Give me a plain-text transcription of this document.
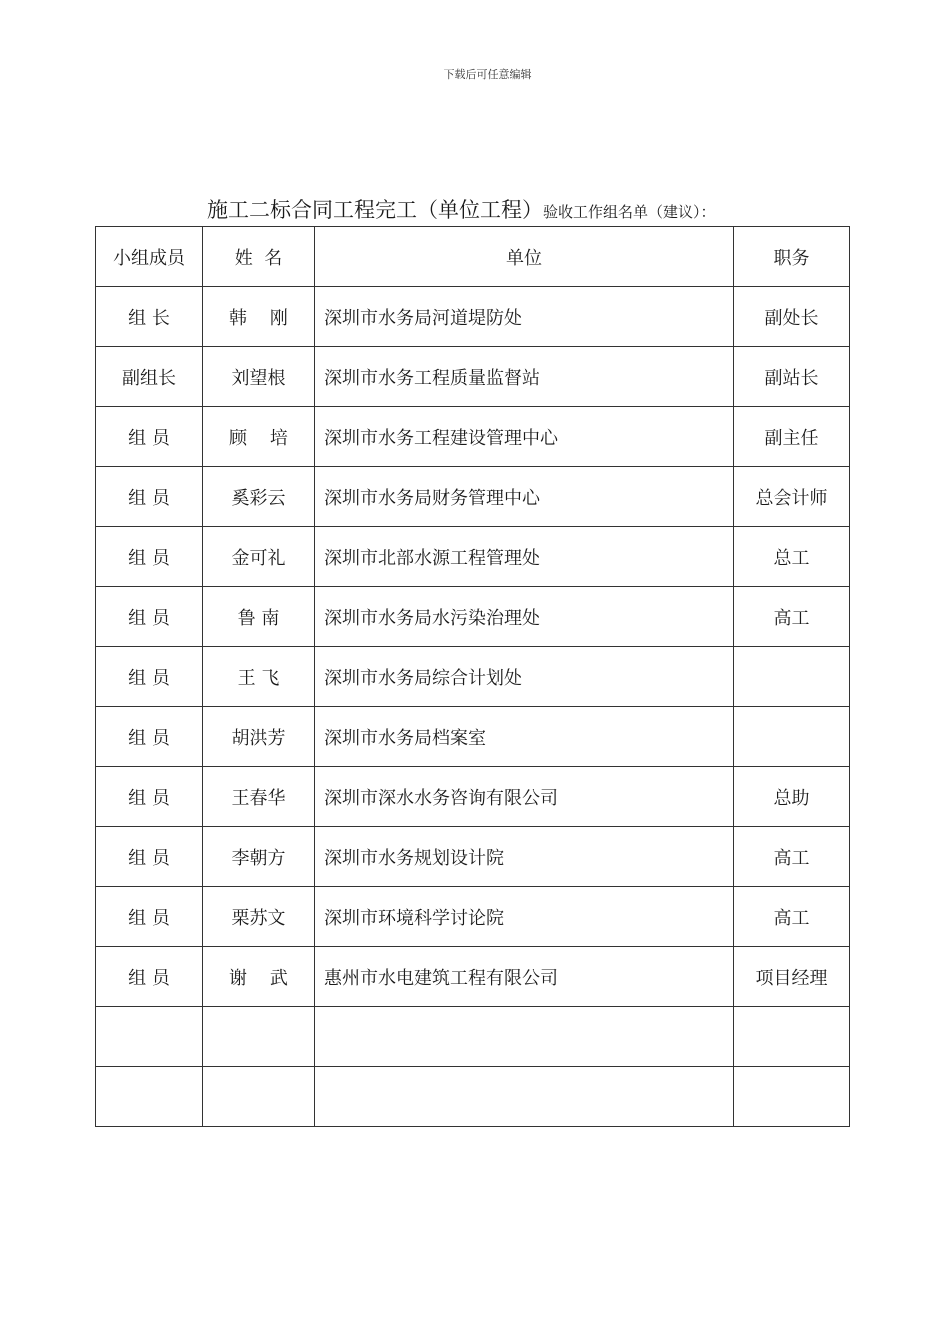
下载后可任意编辑
施工二标合同工程完工（单位工程）验收工作组名单（建议）：
小组成员	姓  名	单位	职务
组 长	韩    刚	深圳市水务局河道堤防处	副处长
副组长	刘望根	深圳市水务工程质量监督站	副站长
组 员	顾    培	深圳市水务工程建设管理中心	副主任
组 员	奚彩云	深圳市水务局财务管理中心	总会计师
组 员	金可礼	深圳市北部水源工程管理处	总工
组 员	鲁 南	深圳市水务局水污染治理处	高工
组 员	王 飞	深圳市水务局综合计划处	
组 员	胡洪芳	深圳市水务局档案室	
组 员	王春华	深圳市深水水务咨询有限公司	总助
组 员	李朝方	深圳市水务规划设计院	高工
组 员	栗苏文	深圳市环境科学讨论院	高工
组 员	谢    武	惠州市水电建筑工程有限公司	项目经理
